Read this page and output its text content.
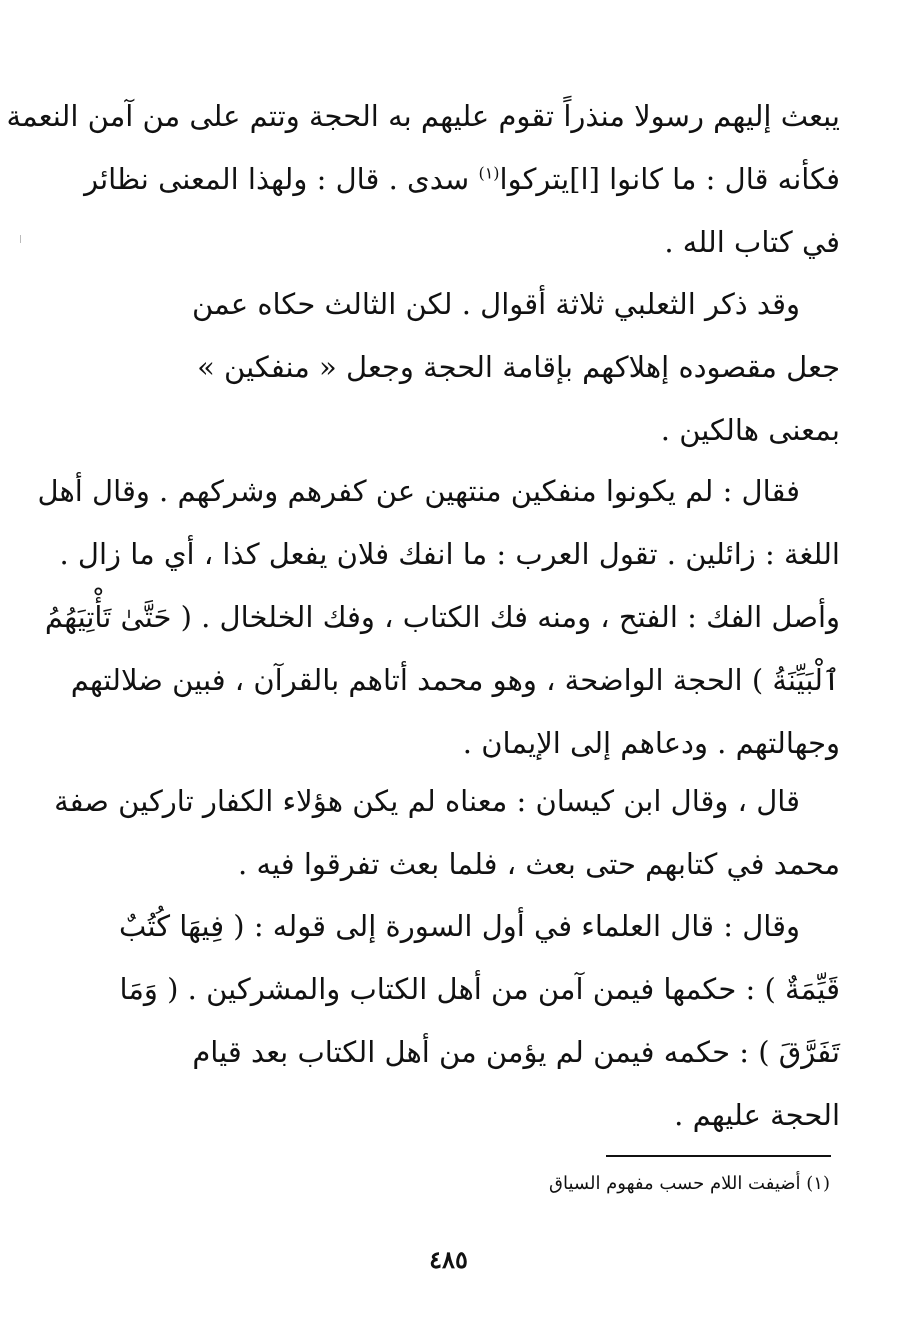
يبعث إليهم رسولا منذراً تقوم عليهم به الحجة وتتم على من آمن النعمة
فكأنه قال : ما كانوا [ا]يتركوا$^{(١)}$ سدى . قال : ولهذا المعنى نظائر
في كتاب الله .
وقد ذكر الثعلبي ثلاثة أقوال . لكن الثالث حكاه عمن
جعل مقصوده إهلاكهم بإقامة الحجة وجعل « منفكين »
بمعنى هالكين .
فقال : لم يكونوا منفكين منتهين عن كفرهم وشركهم . وقال أهل
اللغة : زائلين . تقول العرب : ما انفك فلان يفعل كذا ، أي ما زال .
وأصل الفك : الفتح ، ومنه فك الكتاب ، وفك الخلخال . ( حَتَّىٰ تَأْتِيَهُمُ
ٱلْبَيِّنَةُ ) الحجة الواضحة ، وهو محمد أتاهم بالقرآن ، فبين ضلالتهم
وجهالتهم . ودعاهم إلى الإيمان .
قال ، وقال ابن كيسان : معناه لم يكن هؤلاء الكفار تاركين صفة
محمد في كتابهم حتى بعث ، فلما بعث تفرقوا فيه .
وقال : قال العلماء في أول السورة إلى قوله : ( فِيهَا كُتُبٌ
قَيِّمَةٌ ) : حكمها فيمن آمن من أهل الكتاب والمشركين . ( وَمَا
تَفَرَّقَ ) : حكمه فيمن لم يؤمن من أهل الكتاب بعد قيام
الحجة عليهم .
(١) أضيفت اللام حسب مفهوم السياق
٤٨٥
